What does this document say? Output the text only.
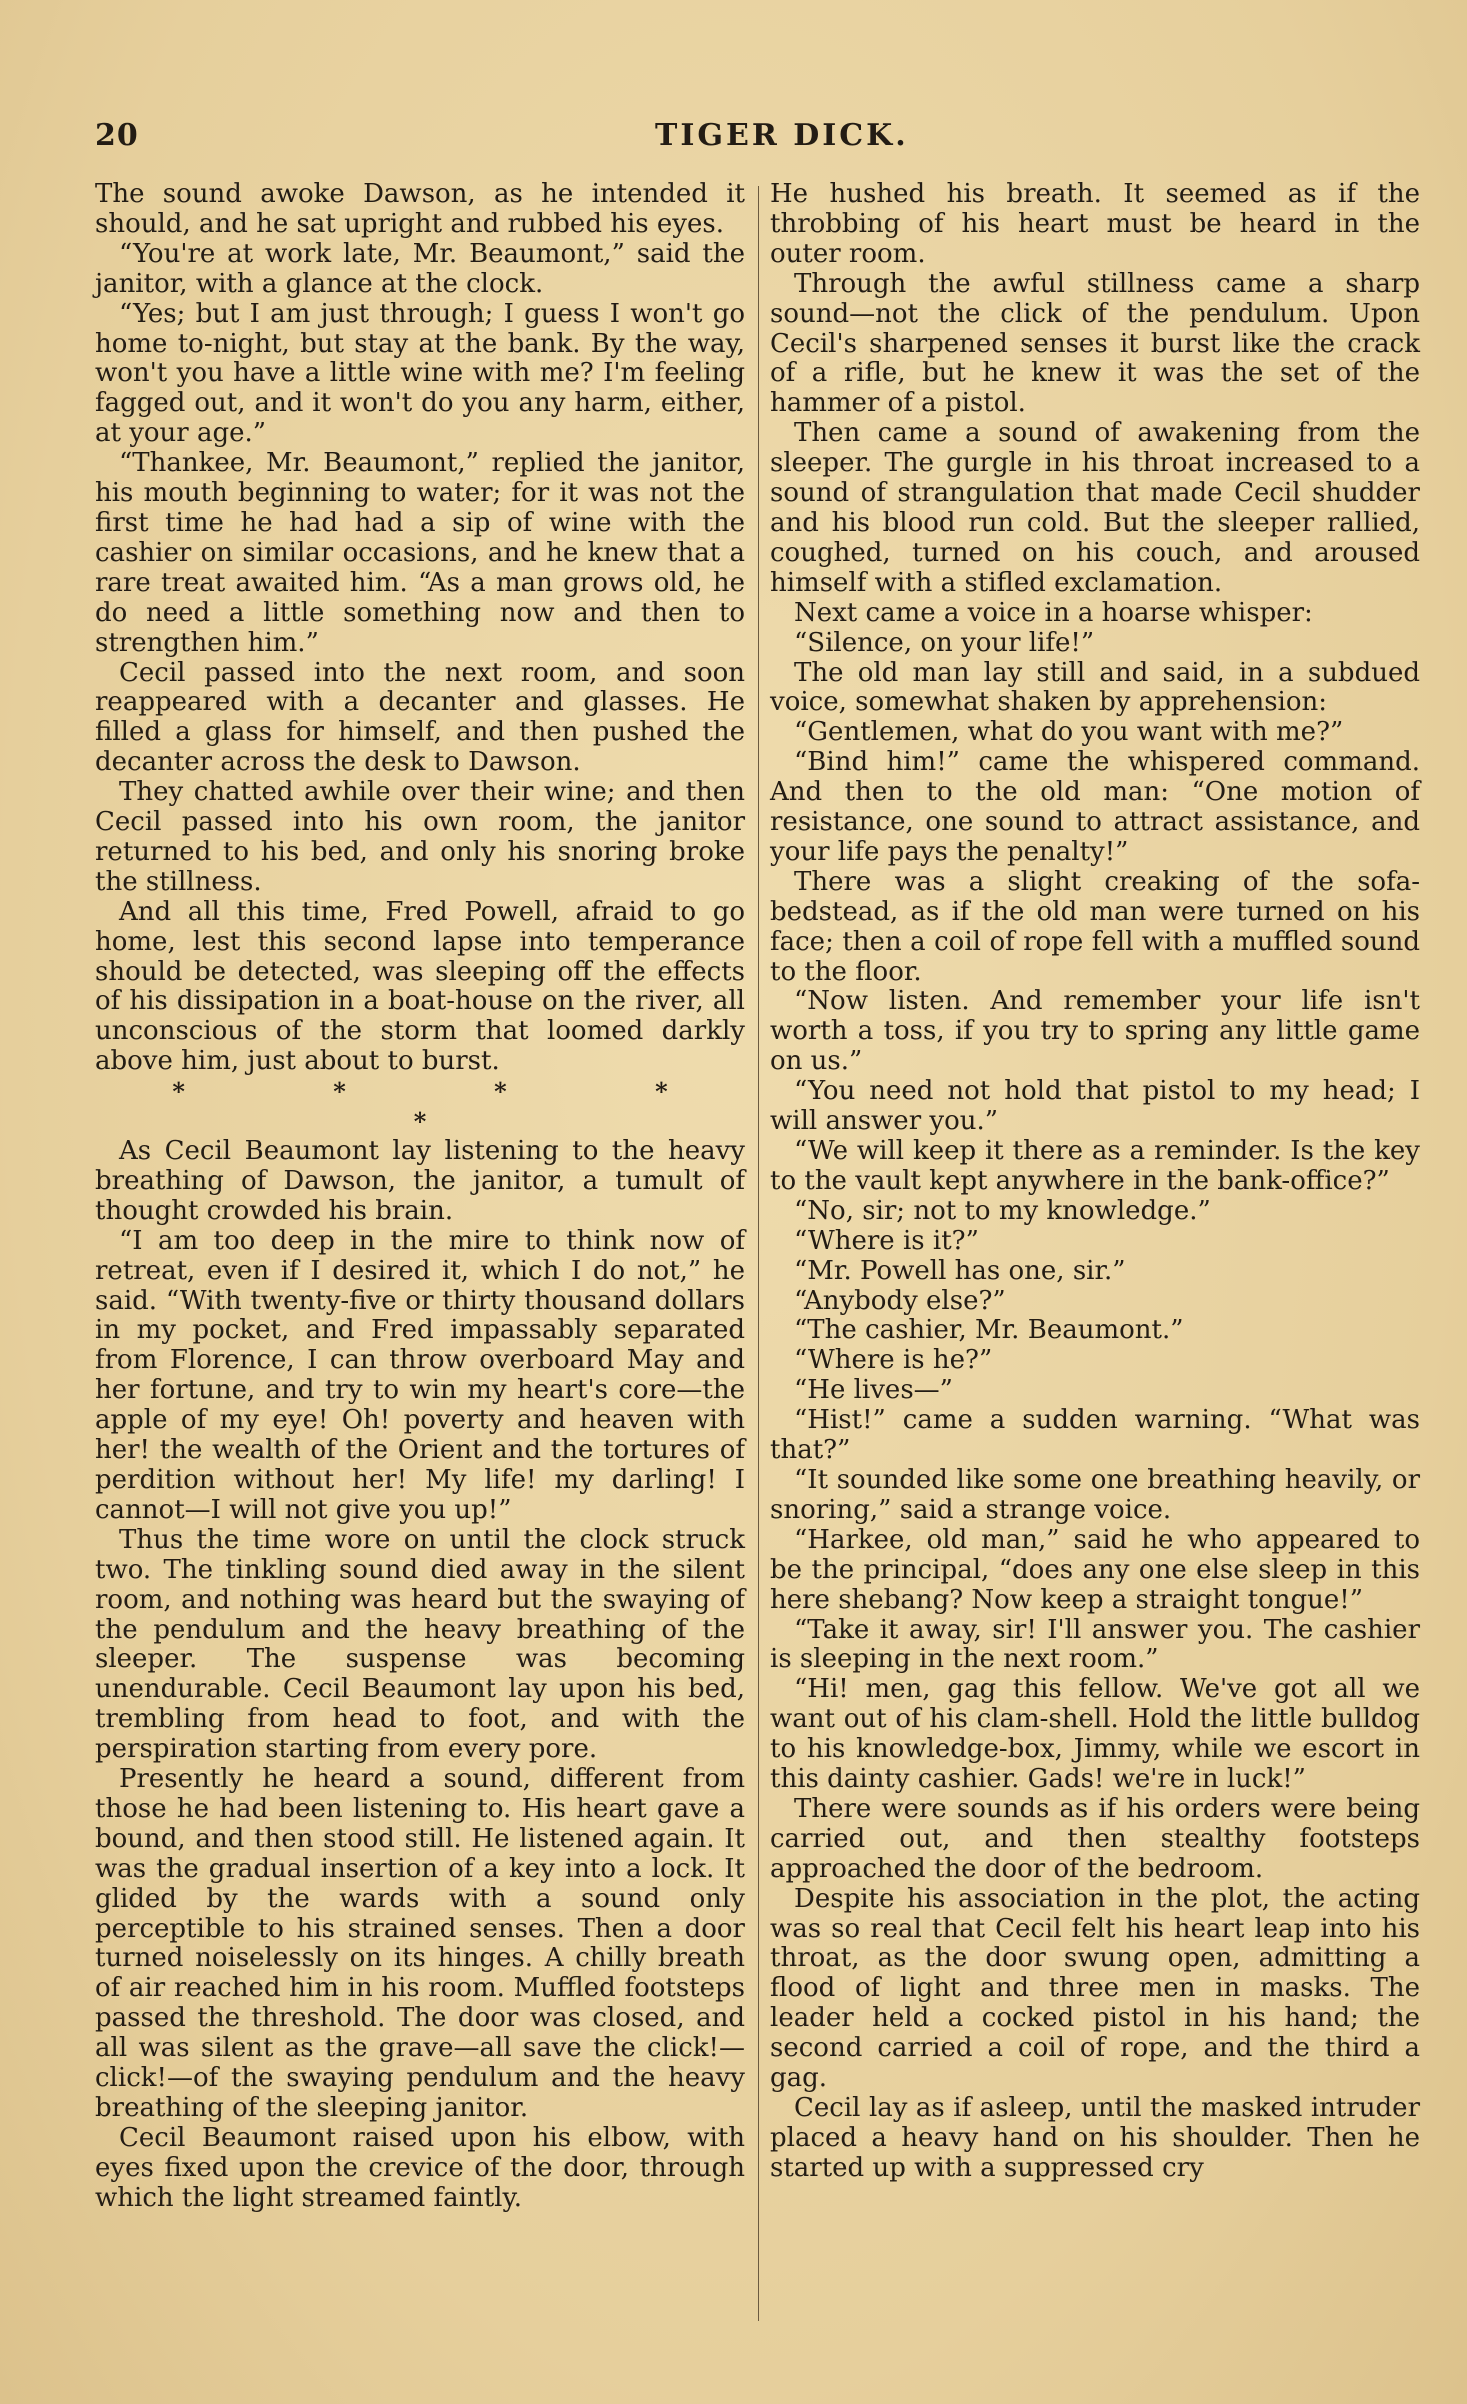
20	TIGER DICK.

The sound awoke Dawson, as he intended it should, and he sat upright and rubbed his eyes.

“You're at work late, Mr. Beaumont,” said the janitor, with a glance at the clock.

“Yes; but I am just through; I guess I won't go home to-night, but stay at the bank. By the way, won't you have a little wine with me? I'm feeling fagged out, and it won't do you any harm, either, at your age.”

“Thankee, Mr. Beaumont,” replied the janitor, his mouth beginning to water; for it was not the first time he had had a sip of wine with the cashier on similar occasions, and he knew that a rare treat awaited him. “As a man grows old, he do need a little something now and then to strengthen him.”

Cecil passed into the next room, and soon reappeared with a decanter and glasses. He filled a glass for himself, and then pushed the decanter across the desk to Dawson.

They chatted awhile over their wine; and then Cecil passed into his own room, the janitor returned to his bed, and only his snoring broke the stillness.

And all this time, Fred Powell, afraid to go home, lest this second lapse into temperance should be detected, was sleeping off the effects of his dissipation in a boat-house on the river, all unconscious of the storm that loomed darkly above him, just about to burst.

* * * * *

As Cecil Beaumont lay listening to the heavy breathing of Dawson, the janitor, a tumult of thought crowded his brain.

“I am too deep in the mire to think now of retreat, even if I desired it, which I do not,” he said. “With twenty-five or thirty thousand dollars in my pocket, and Fred impassably separated from Florence, I can throw overboard May and her fortune, and try to win my heart's core—the apple of my eye! Oh! poverty and heaven with her! the wealth of the Orient and the tortures of perdition without her! My life! my darling! I cannot—I will not give you up!”

Thus the time wore on until the clock struck two. The tinkling sound died away in the silent room, and nothing was heard but the swaying of the pendulum and the heavy breathing of the sleeper. The suspense was becoming unendurable. Cecil Beaumont lay upon his bed, trembling from head to foot, and with the perspiration starting from every pore.

Presently he heard a sound, different from those he had been listening to. His heart gave a bound, and then stood still. He listened again. It was the gradual insertion of a key into a lock. It glided by the wards with a sound only perceptible to his strained senses. Then a door turned noiselessly on its hinges. A chilly breath of air reached him in his room. Muffled footsteps passed the threshold. The door was closed, and all was silent as the grave—all save the click!—click!—of the swaying pendulum and the heavy breathing of the sleeping janitor.

Cecil Beaumont raised upon his elbow, with eyes fixed upon the crevice of the door, through which the light streamed faintly.

He hushed his breath. It seemed as if the throbbing of his heart must be heard in the outer room.

Through the awful stillness came a sharp sound—not the click of the pendulum. Upon Cecil's sharpened senses it burst like the crack of a rifle, but he knew it was the set of the hammer of a pistol.

Then came a sound of awakening from the sleeper. The gurgle in his throat increased to a sound of strangulation that made Cecil shudder and his blood run cold. But the sleeper rallied, coughed, turned on his couch, and aroused himself with a stifled exclamation.

Next came a voice in a hoarse whisper:

“Silence, on your life!”

The old man lay still and said, in a subdued voice, somewhat shaken by apprehension:

“Gentlemen, what do you want with me?”

“Bind him!” came the whispered command. And then to the old man: “One motion of resistance, one sound to attract assistance, and your life pays the penalty!”

There was a slight creaking of the sofa-bedstead, as if the old man were turned on his face; then a coil of rope fell with a muffled sound to the floor.

“Now listen. And remember your life isn't worth a toss, if you try to spring any little game on us.”

“You need not hold that pistol to my head; I will answer you.”

“We will keep it there as a reminder. Is the key to the vault kept anywhere in the bank-office?”

“No, sir; not to my knowledge.”

“Where is it?”

“Mr. Powell has one, sir.”

“Anybody else?”

“The cashier, Mr. Beaumont.”

“Where is he?”

“He lives—”

“Hist!” came a sudden warning. “What was that?”

“It sounded like some one breathing heavily, or snoring,” said a strange voice.

“Harkee, old man,” said he who appeared to be the principal, “does any one else sleep in this here shebang? Now keep a straight tongue!”

“Take it away, sir! I'll answer you. The cashier is sleeping in the next room.”

“Hi! men, gag this fellow. We've got all we want out of his clam-shell. Hold the little bulldog to his knowledge-box, Jimmy, while we escort in this dainty cashier. Gads! we're in luck!”

There were sounds as if his orders were being carried out, and then stealthy footsteps approached the door of the bedroom.

Despite his association in the plot, the acting was so real that Cecil felt his heart leap into his throat, as the door swung open, admitting a flood of light and three men in masks. The leader held a cocked pistol in his hand; the second carried a coil of rope, and the third a gag.

Cecil lay as if asleep, until the masked intruder placed a heavy hand on his shoulder. Then he started up with a suppressed cry
